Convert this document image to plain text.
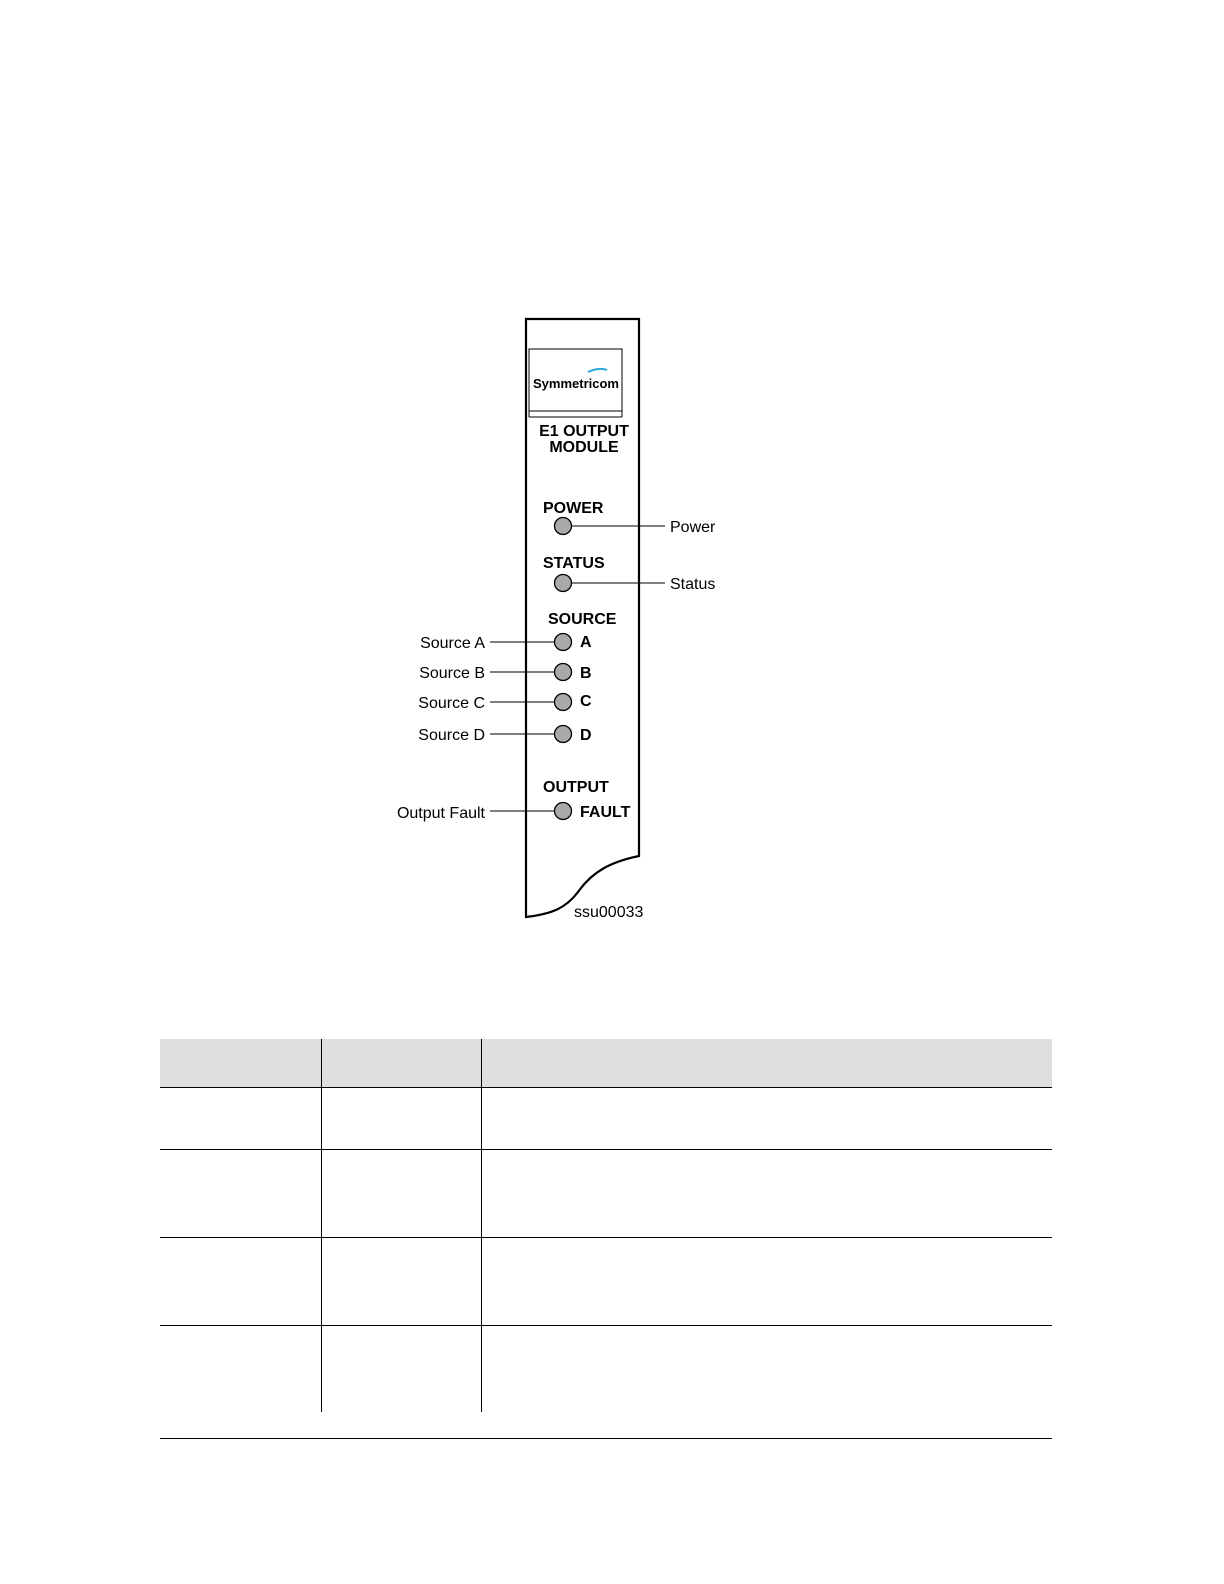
Symmetricom
E1 OUTPUT
MODULE
POWER
Power
STATUS
Status
SOURCE
A
Source A
B
Source B
C
Source C
D
Source D
OUTPUT
FAULT
Output Fault
ssu00033
